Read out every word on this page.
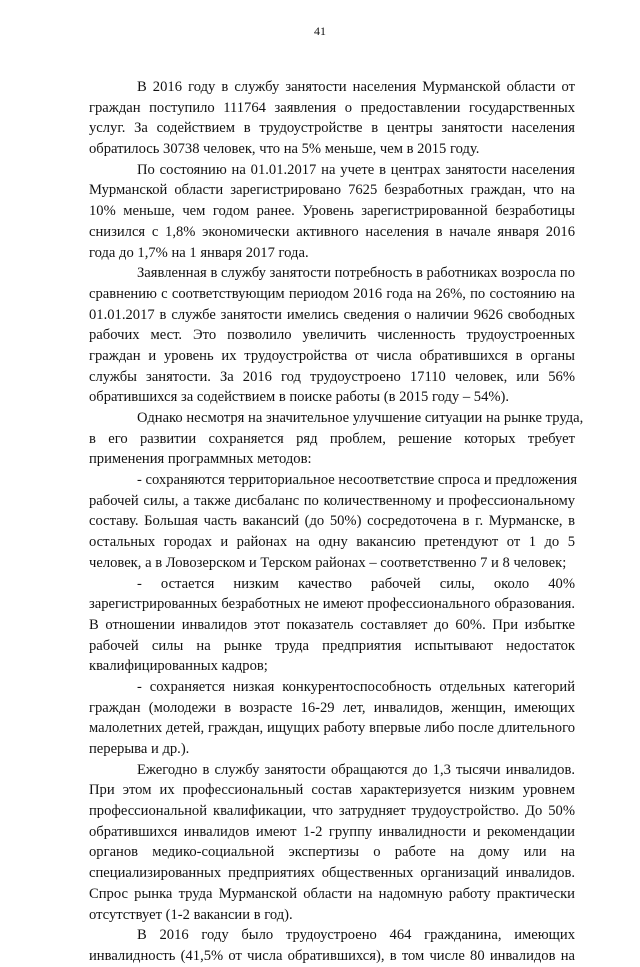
41
В 2016 году в службу занятости населения Мурманской области от
граждан поступило 111764 заявления о предоставлении государственных
услуг. За содействием в трудоустройстве в центры занятости населения
обратилось 30738 человек, что на 5% меньше, чем в 2015 году.
По состоянию на 01.01.2017 на учете в центрах занятости населения
Мурманской области зарегистрировано 7625 безработных граждан, что на
10% меньше, чем годом ранее. Уровень зарегистрированной безработицы
снизился с 1,8% экономически активного населения в начале января 2016
года до 1,7% на 1 января 2017 года.
Заявленная в службу занятости потребность в работниках возросла по
сравнению с соответствующим периодом 2016 года на 26%, по состоянию на
01.01.2017 в службе занятости имелись сведения о наличии 9626 свободных
рабочих мест. Это позволило увеличить численность трудоустроенных
граждан и уровень их трудоустройства от числа обратившихся в органы
службы занятости. За 2016 год трудоустроено 17110 человек, или 56%
обратившихся за содействием в поиске работы (в 2015 году – 54%).
Однако несмотря на значительное улучшение ситуации на рынке труда,
в его развитии сохраняется ряд проблем, решение которых требует
применения программных методов:
- сохраняются территориальное несоответствие спроса и предложения
рабочей силы, а также дисбаланс по количественному и профессиональному
составу. Большая часть вакансий (до 50%) сосредоточена в г. Мурманске, в
остальных городах и районах на одну вакансию претендуют от 1 до 5
человек, а в Ловозерском и Терском районах – соответственно 7 и 8 человек;
- остается низким качество рабочей силы, около 40%
зарегистрированных безработных не имеют профессионального образования.
В отношении инвалидов этот показатель составляет до 60%. При избытке
рабочей силы на рынке труда предприятия испытывают недостаток
квалифицированных кадров;
- сохраняется низкая конкурентоспособность отдельных категорий
граждан (молодежи в возрасте 16-29 лет, инвалидов, женщин, имеющих
малолетних детей, граждан, ищущих работу впервые либо после длительного
перерыва и др.).
Ежегодно в службу занятости обращаются до 1,3 тысячи инвалидов.
При этом их профессиональный состав характеризуется низким уровнем
профессиональной квалификации, что затрудняет трудоустройство. До 50%
обратившихся инвалидов имеют 1-2 группу инвалидности и рекомендации
органов медико-социальной экспертизы о работе на дому или на
специализированных предприятиях общественных организаций инвалидов.
Спрос рынка труда Мурманской области на надомную работу практически
отсутствует (1-2 вакансии в год).
В 2016 году было трудоустроено 464 гражданина, имеющих
инвалидность (41,5% от числа обратившихся), в том числе 80 инвалидов на
